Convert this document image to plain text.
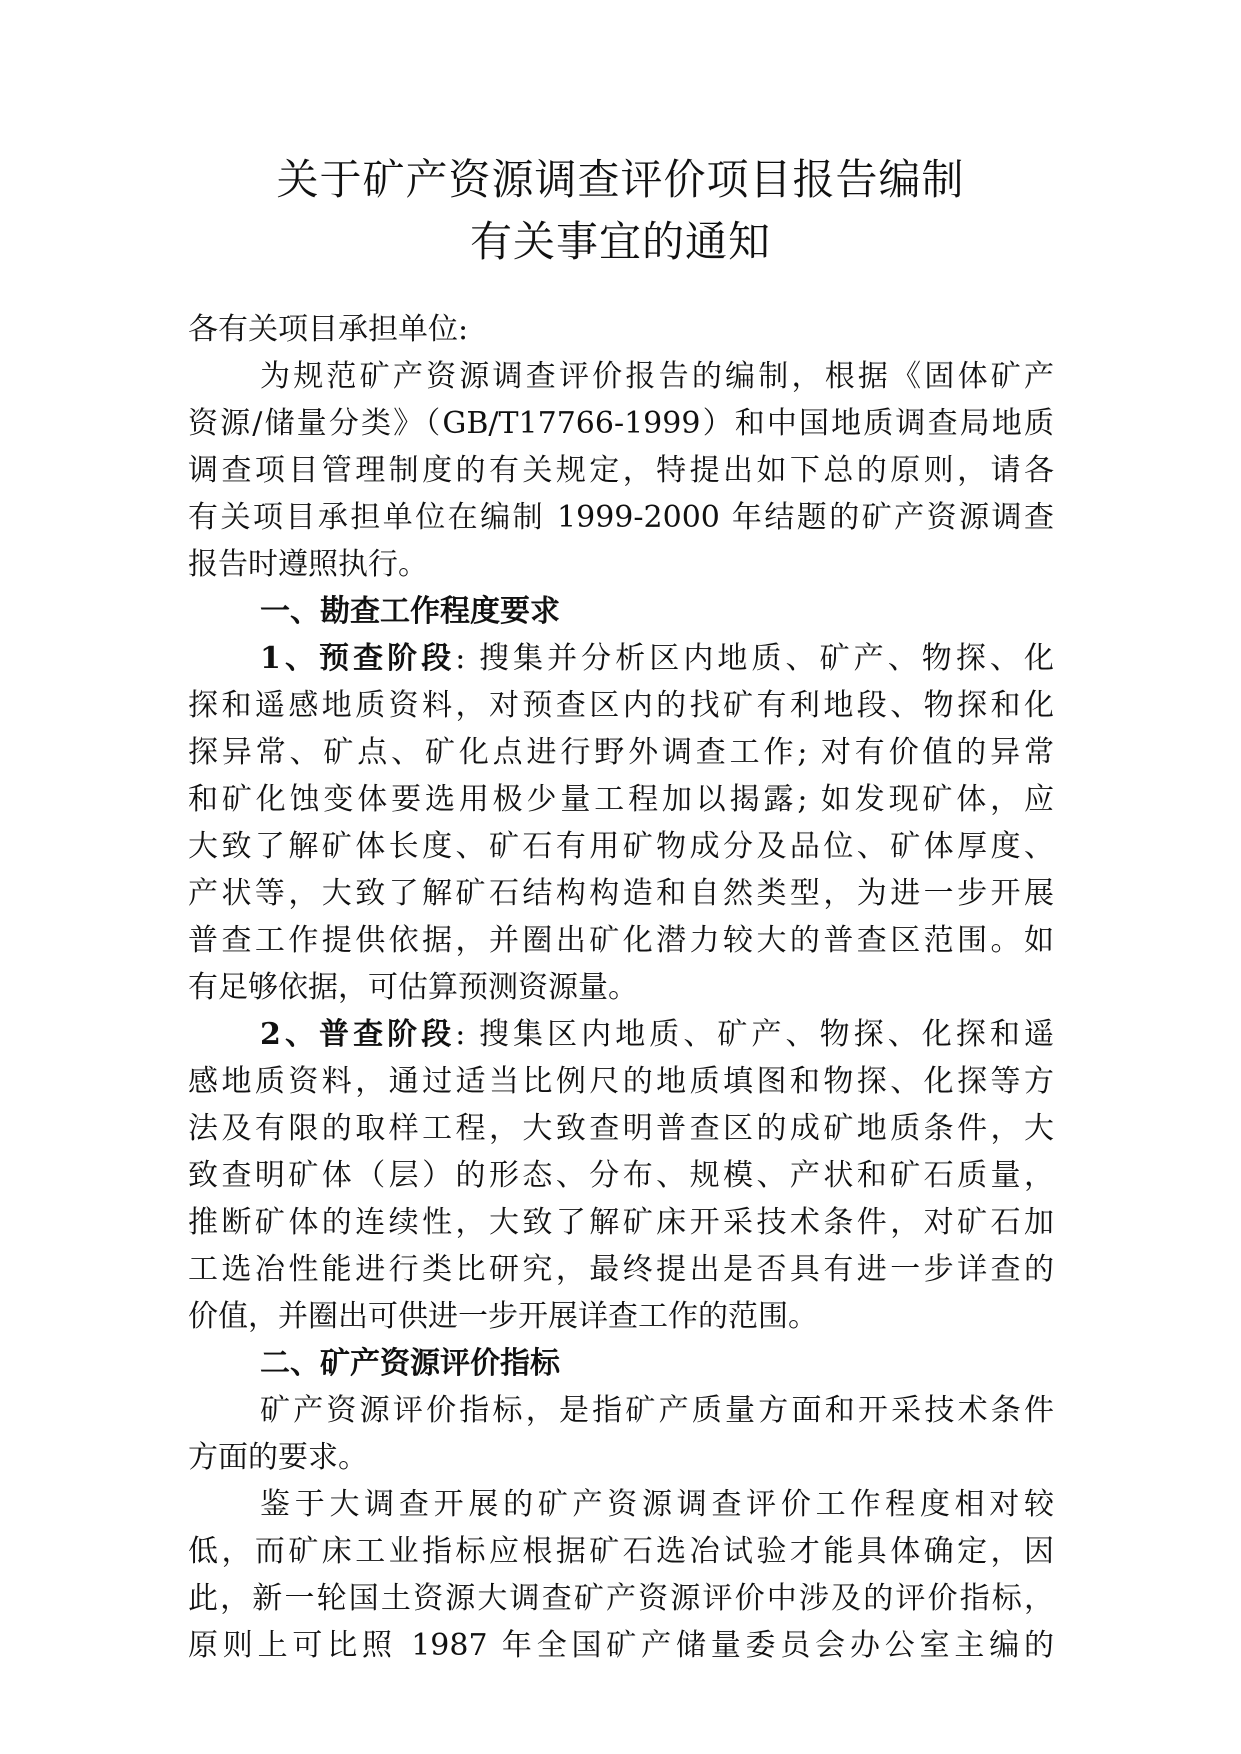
关于矿产资源调查评价项目报告编制
有关事宜的通知
各有关项目承担单位:
为规范矿产资源调查评价报告的编制，根据《固体矿产
资源/储量分类》（GB/T17766-1999）和中国地质调查局地质
调查项目管理制度的有关规定，特提出如下总的原则，请各
有关项目承担单位在编制 1999-2000 年结题的矿产资源调查
报告时遵照执行。
一、勘查工作程度要求
1、预查阶段: 搜集并分析区内地质、矿产、物探、化
探和遥感地质资料，对预查区内的找矿有利地段、物探和化
探异常、矿点、矿化点进行野外调查工作; 对有价值的异常
和矿化蚀变体要选用极少量工程加以揭露; 如发现矿体，应
大致了解矿体长度、矿石有用矿物成分及品位、矿体厚度、
产状等，大致了解矿石结构构造和自然类型，为进一步开展
普查工作提供依据，并圈出矿化潜力较大的普查区范围。如
有足够依据，可估算预测资源量。
2、普查阶段: 搜集区内地质、矿产、物探、化探和遥
感地质资料，通过适当比例尺的地质填图和物探、化探等方
法及有限的取样工程，大致查明普查区的成矿地质条件，大
致查明矿体（层）的形态、分布、规模、产状和矿石质量，
推断矿体的连续性，大致了解矿床开采技术条件，对矿石加
工选冶性能进行类比研究，最终提出是否具有进一步详查的
价值，并圈出可供进一步开展详查工作的范围。
二、矿产资源评价指标
矿产资源评价指标，是指矿产质量方面和开采技术条件
方面的要求。
鉴于大调查开展的矿产资源调查评价工作程度相对较
低，而矿床工业指标应根据矿石选冶试验才能具体确定，因
此，新一轮国土资源大调查矿产资源评价中涉及的评价指标，
原则上可比照 1987 年全国矿产储量委员会办公室主编的
